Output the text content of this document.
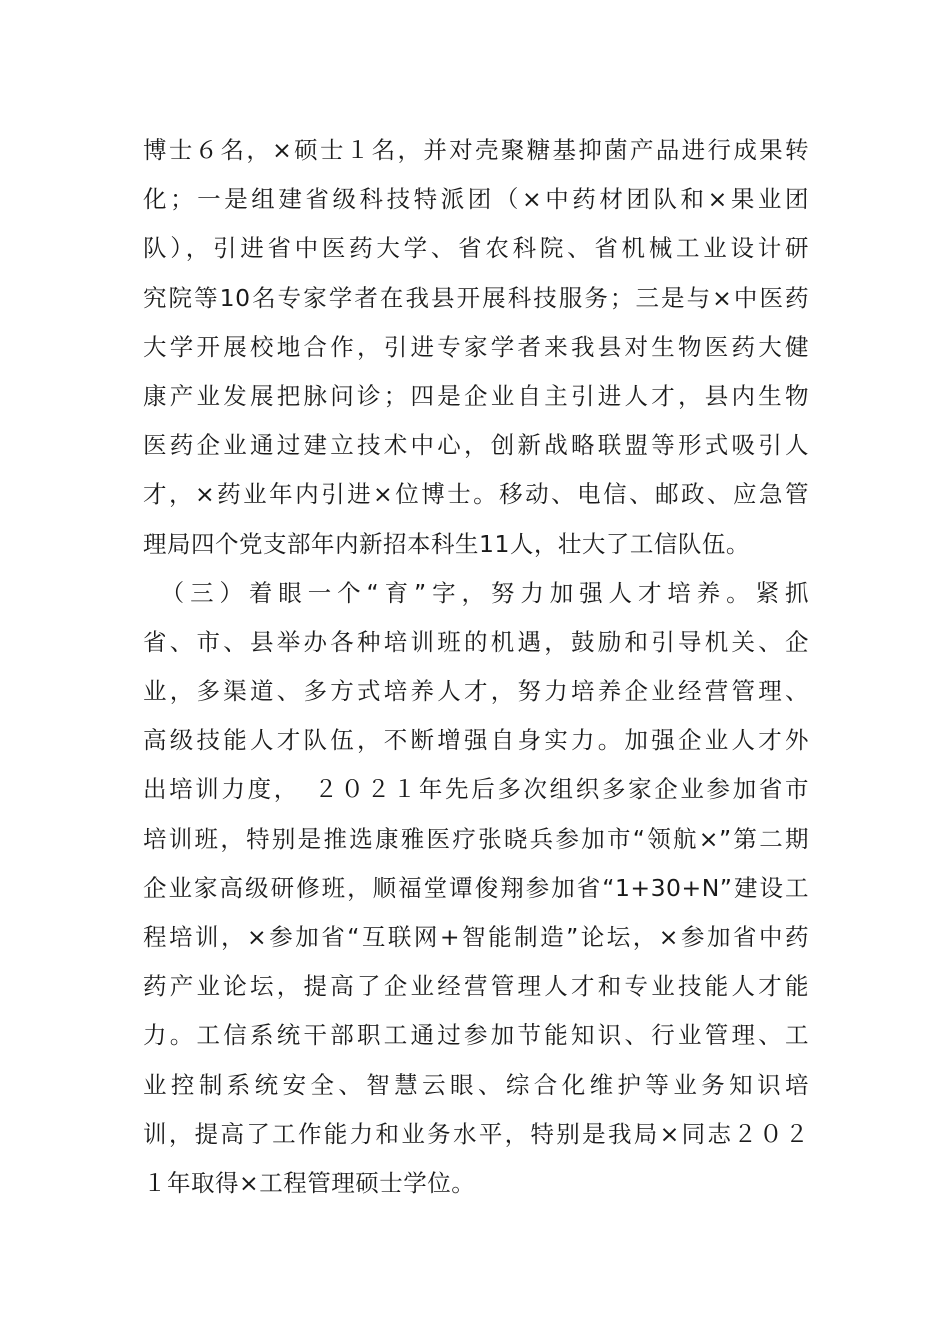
博士６名，×硕士１名，并对壳聚糖基抑菌产品进行成果转
化；一是组建省级科技特派团（×中药材团队和×果业团
队），引进省中医药大学、省农科院、省机械工业设计研
究院等10名专家学者在我县开展科技服务；三是与×中医药
大学开展校地合作，引进专家学者来我县对生物医药大健
康产业发展把脉问诊；四是企业自主引进人才，县内生物
医药企业通过建立技术中心，创新战略联盟等形式吸引人
才，×药业年内引进×位博士。移动、电信、邮政、应急管
理局四个党支部年内新招本科生11人，壮大了工信队伍。
　（三）着眼一个“育”字，努力加强人才培养。紧抓
省、市、县举办各种培训班的机遇，鼓励和引导机关、企
业，多渠道、多方式培养人才，努力培养企业经营管理、
高级技能人才队伍，不断增强自身实力。加强企业人才外
出培训力度，　２０２１年先后多次组织多家企业参加省市
培训班，特别是推选康雅医疗张晓兵参加市“领航×”第二期
企业家高级研修班，顺福堂谭俊翔参加省“1+30+N”建设工
程培训，×参加省“互联网+智能制造”论坛，×参加省中药
药产业论坛，提高了企业经营管理人才和专业技能人才能
力。工信系统干部职工通过参加节能知识、行业管理、工
业控制系统安全、智慧云眼、综合化维护等业务知识培
训，提高了工作能力和业务水平，特别是我局×同志２０２
１年取得×工程管理硕士学位。
